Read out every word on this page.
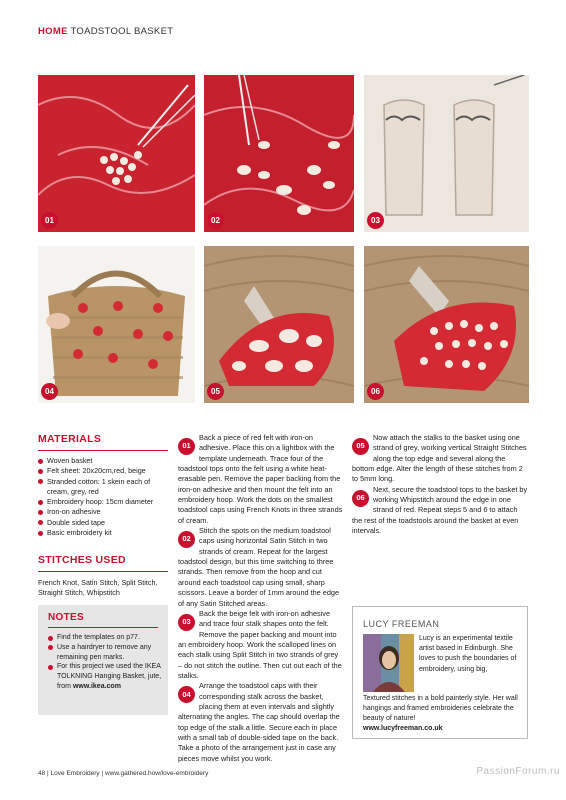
HOME TOADSTOOL BASKET
01	02	03
04	05	06
MATERIALS
Woven basket
Felt sheet: 20x20cm,red, beige
Stranded cotton: 1 skein each of cream, grey, red
Embroidery hoop: 15cm diameter
Iron-on adhesive
Double sided tape
Basic embroidery kit
STITCHES USED
French Knot, Satin Stitch, Split Stitch, Straight Stitch, Whipstitch
NOTES
Find the templates on p77.
Use a hairdryer to remove any remaining pen marks.
For this project we used the IKEA TOLKNING Hanging Basket, jute, from www.ikea.com
01

Back a piece of red felt with iron-on adhesive. Place this on a lightbox with the template underneath. Trace four of the toadstool tops onto the felt using a white heat-erasable pen. Remove the paper backing from the iron-on adhesive and then mount the felt into an embroidery hoop. Work the dots on the smallest toadstool caps using French Knots in three strands of cream.

02

Stitch the spots on the medium toadstool caps using horizontal Satin Stitch in two strands of cream. Repeat for the largest toadstool design, but this time switching to three strands. Then remove from the hoop and cut around each toadstool cap using small, sharp scissors. Leave a border of 1mm around the edge of any Satin Stitched areas.

03

Back the beige felt with iron-on adhesive and trace four stalk shapes onto the felt. Remove the paper backing and mount into an embroidery hoop. Work the scalloped lines on each stalk using Split Stitch in two strands of grey – do not stitch the outline. Then cut out each of the stalks.

04

Arrange the toadstool caps with their corresponding stalk across the basket, placing them at even intervals and slightly alternating the angles. The cap should overlap the top edge of the stalk a little. Secure each in place with a small tab of double-sided tape on the back. Take a photo of the arrangement just in case any pieces move whilst you work.

05

Now attach the stalks to the basket using one strand of grey, working vertical Straight Stitches along the top edge and several along the bottom edge. Alter the length of these stitches from 2 to 5mm long.

06

Next, secure the toadstool tops to the basket by working Whipstitch around the edge in one strand of red. Repeat steps 5 and 6 to attach the rest of the toadstools around the basket at even intervals.

LUCY FREEMAN
Lucy is an experimental textile artist based in Edinburgh. She loves to push the boundaries of embroidery, using big,
Textured stitches in a bold painterly style. Her wall hangings and framed embroideries celebrate the beauty of nature!
www.lucyfreeman.co.uk
48 | Love Embroidery | www.gathered.how/love-embroidery	PassionForum.ru
